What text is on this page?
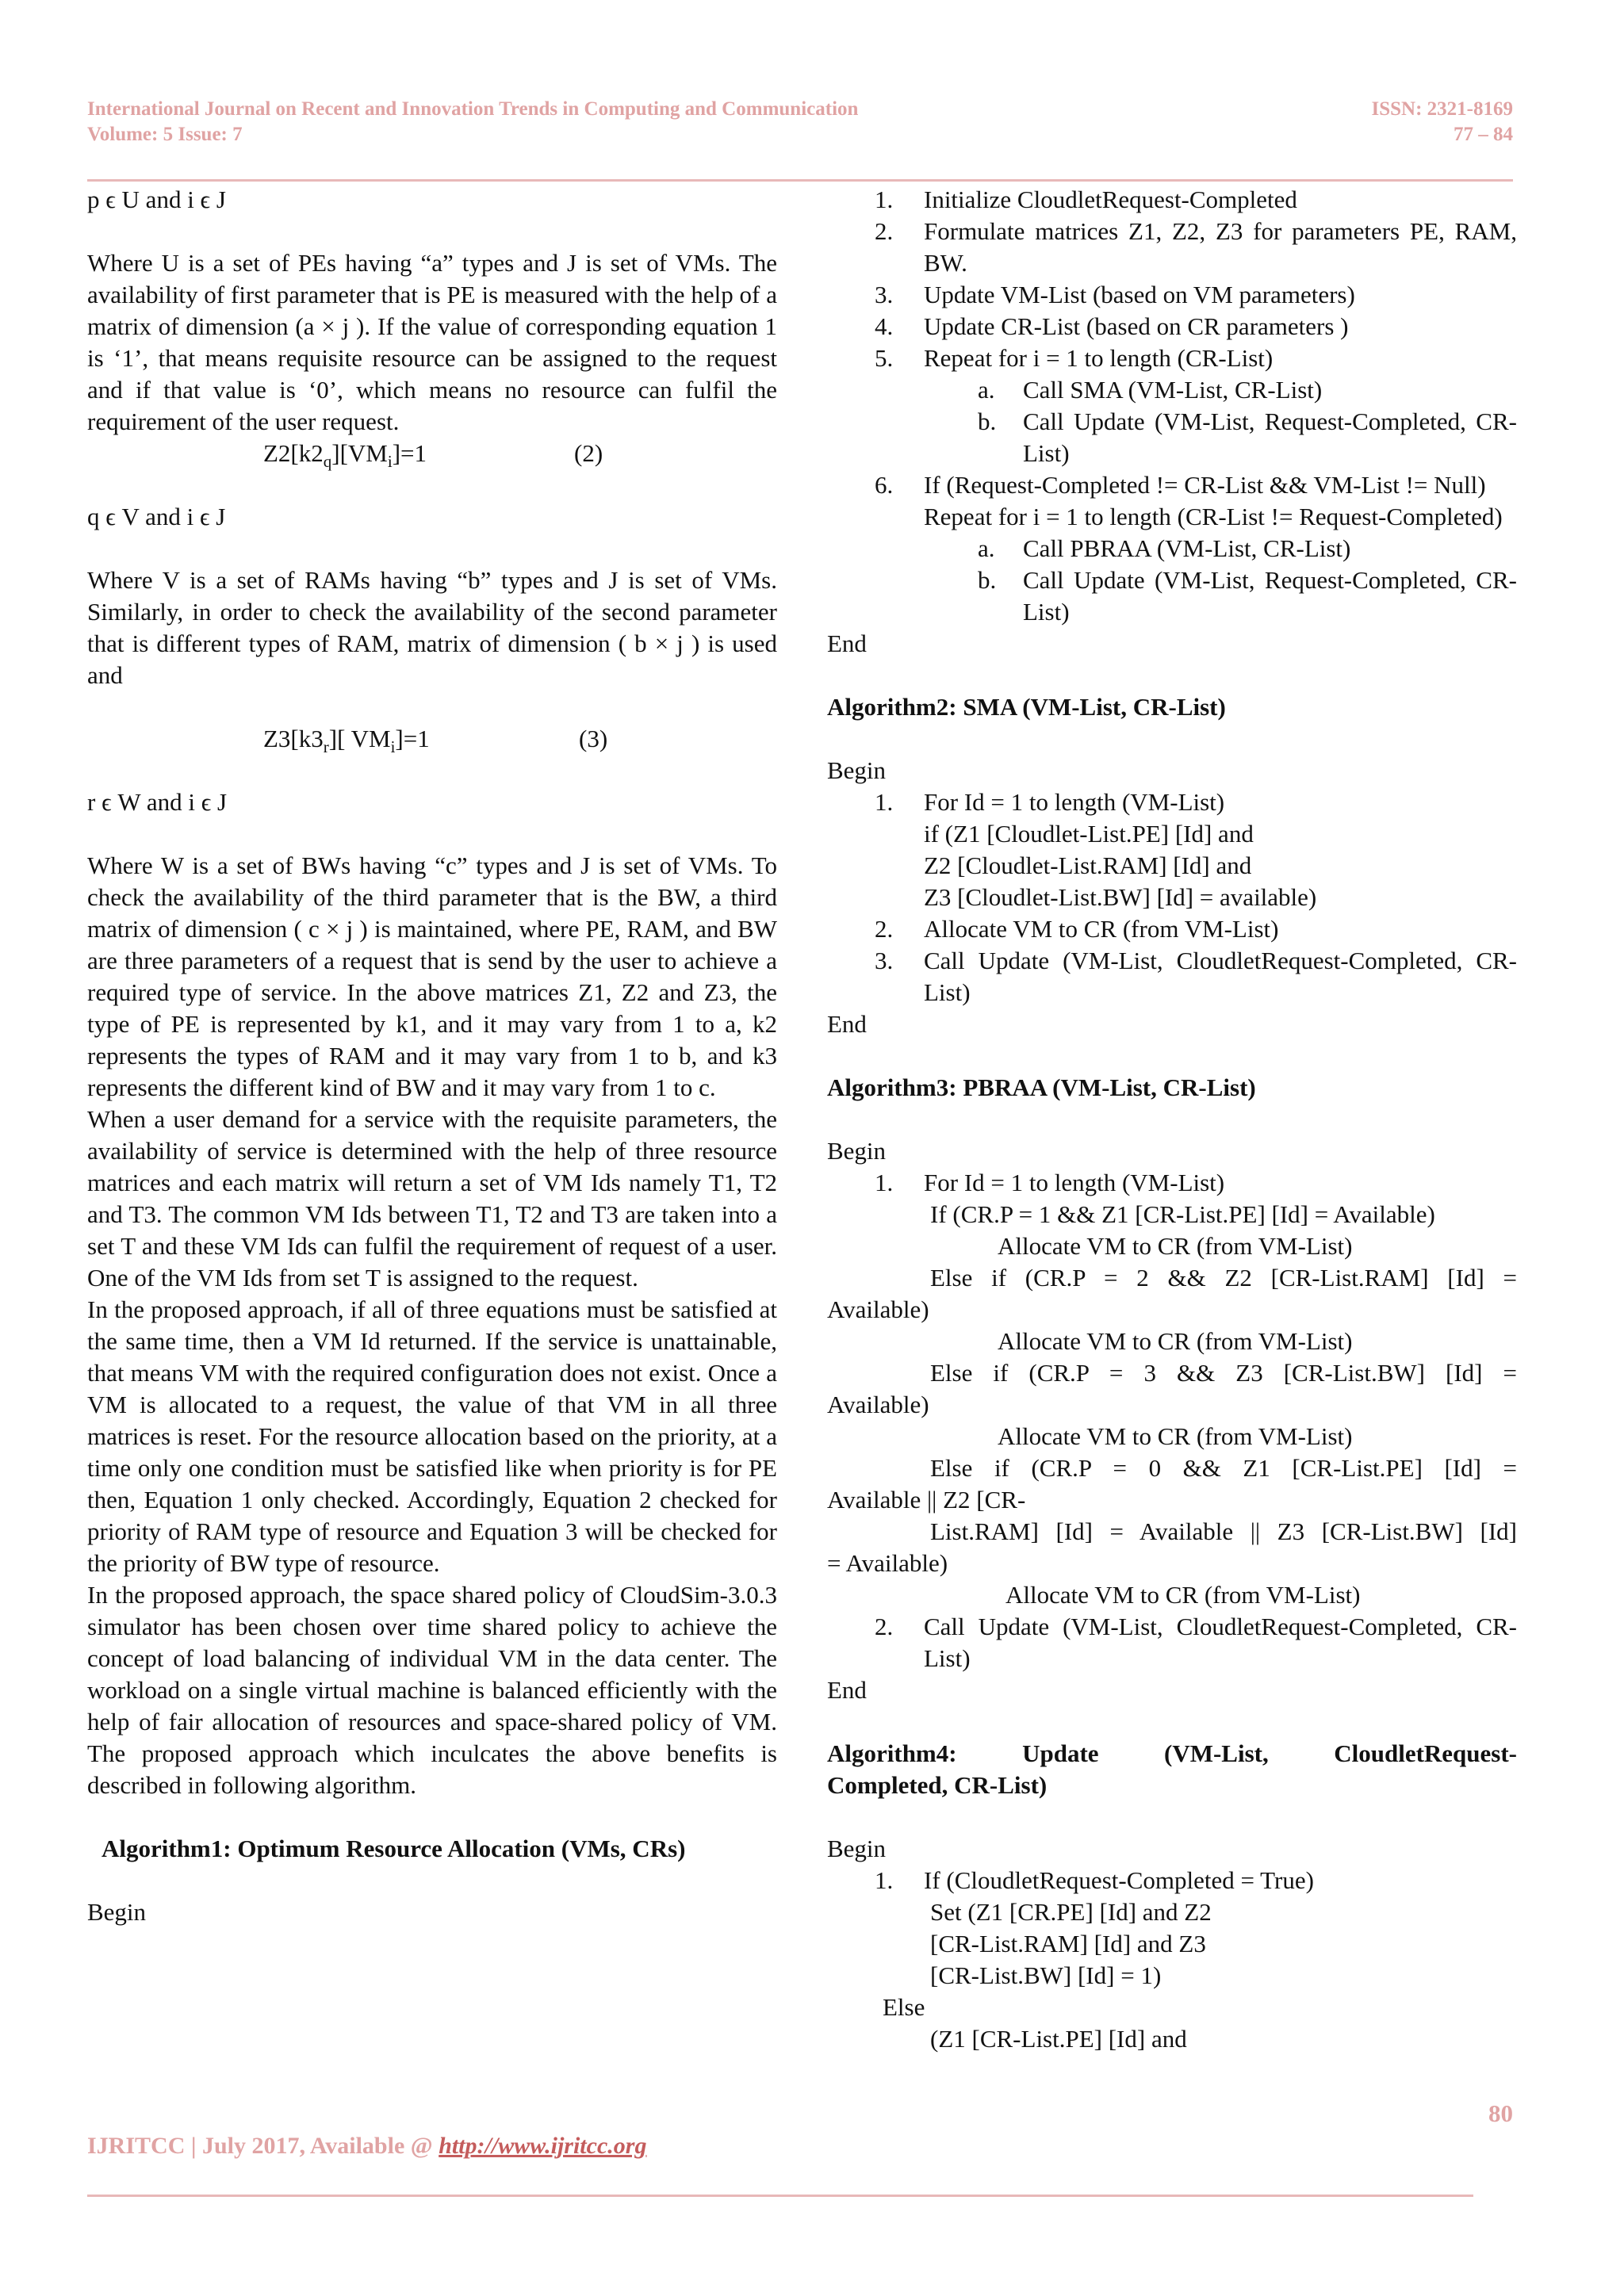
International Journal on Recent and Innovation Trends in Computing and Communication
Volume: 5 Issue: 7
ISSN: 2321-8169
77 – 84
p ϵ U and i ϵ J
Where U is a set of PEs having “a” types and J is set of VMs. The availability of first parameter that is PE is measured with the help of a matrix of dimension (a × j ). If the value of corresponding equation 1 is ‘1’, that means requisite resource can be assigned to the request and if that value is ‘0’, which means no resource can fulfil the requirement of the user request.
$Z2[k2_q][VM_i]=1$	(2)
q ϵ V and i ϵ J
Where V is a set of RAMs having “b” types and J is set of VMs. Similarly, in order to check the availability of the second parameter that is different types of RAM, matrix of dimension ( b × j ) is used and
$Z3[k3_r]$[ $VM_i]=1$	(3)
r ϵ W and i ϵ J
Where W is a set of BWs having “c” types and J is set of VMs. To check the availability of the third parameter that is the BW, a third matrix of dimension ( c × j ) is maintained, where PE, RAM, and BW are three parameters of a request that is send by the user to achieve a required type of service. In the above matrices Z1, Z2 and Z3, the type of PE is represented by k1, and it may vary from 1 to a, k2 represents the types of RAM and it may vary from 1 to b, and k3 represents the different kind of BW and it may vary from 1 to c.
When a user demand for a service with the requisite parameters, the availability of service is determined with the help of three resource matrices and each matrix will return a set of VM Ids namely T1, T2 and T3. The common VM Ids between T1, T2 and T3 are taken into a set T and these VM Ids can fulfil the requirement of request of a user. One of the VM Ids from set T is assigned to the request.
In the proposed approach, if all of three equations must be satisfied at the same time, then a VM Id returned. If the service is unattainable, that means VM with the required configuration does not exist. Once a VM is allocated to a request, the value of that VM in all three matrices is reset. For the resource allocation based on the priority, at a time only one condition must be satisfied like when priority is for PE then, Equation 1 only checked. Accordingly, Equation 2 checked for priority of RAM type of resource and Equation 3 will be checked for the priority of BW type of resource.
In the proposed approach, the space shared policy of CloudSim-3.0.3 simulator has been chosen over time shared policy to achieve the concept of load balancing of individual VM in the data center. The workload on a single virtual machine is balanced efficiently with the help of fair allocation of resources and space-shared policy of VM. The proposed approach which inculcates the above benefits is described in following algorithm.
Algorithm1: Optimum Resource Allocation (VMs, CRs)
Begin
1. Initialize CloudletRequest-Completed
2. Formulate matrices Z1, Z2, Z3 for parameters PE, RAM, BW.
3. Update VM-List (based on VM parameters)
4. Update CR-List (based on CR parameters )
5. Repeat for i = 1 to length (CR-List)
a. Call SMA (VM-List, CR-List)
b. Call Update (VM-List, Request-Completed, CR-List)
6. If (Request-Completed != CR-List && VM-List != Null)
Repeat for i = 1 to length (CR-List != Request-Completed)
a. Call PBRAA (VM-List, CR-List)
b. Call Update (VM-List, Request-Completed, CR-List)
End
Algorithm2: SMA (VM-List, CR-List)
Begin
1. For Id = 1 to length (VM-List)
if (Z1 [Cloudlet-List.PE] [Id] and
Z2 [Cloudlet-List.RAM] [Id] and
Z3 [Cloudlet-List.BW] [Id] = available)
2. Allocate VM to CR (from VM-List)
3. Call Update (VM-List, CloudletRequest-Completed, CR-List)
End
Algorithm3: PBRAA (VM-List, CR-List)
Begin
1. For Id = 1 to length (VM-List)
If (CR.P = 1 && Z1 [CR-List.PE] [Id] = Available)
Allocate VM to CR (from VM-List)
Else if (CR.P = 2 && Z2 [CR-List.RAM] [Id] =
Available)
Allocate VM to CR (from VM-List)
Else if (CR.P = 3 && Z3 [CR-List.BW] [Id] =
Available)
Allocate VM to CR (from VM-List)
Else if (CR.P = 0 && Z1 [CR-List.PE] [Id] =
Available || Z2 [CR-
List.RAM] [Id] = Available || Z3 [CR-List.BW] [Id]
= Available)
Allocate VM to CR (from VM-List)
2. Call Update (VM-List, CloudletRequest-Completed, CR-List)
End
Algorithm4: Update (VM-List, CloudletRequest-
Completed, CR-List)
Begin
1. If (CloudletRequest-Completed = True)
Set (Z1 [CR.PE] [Id] and Z2
[CR-List.RAM] [Id] and Z3
[CR-List.BW] [Id] = 1)
Else
(Z1 [CR-List.PE] [Id] and
80
IJRITCC | July 2017, Available @ http://www.ijritcc.org
